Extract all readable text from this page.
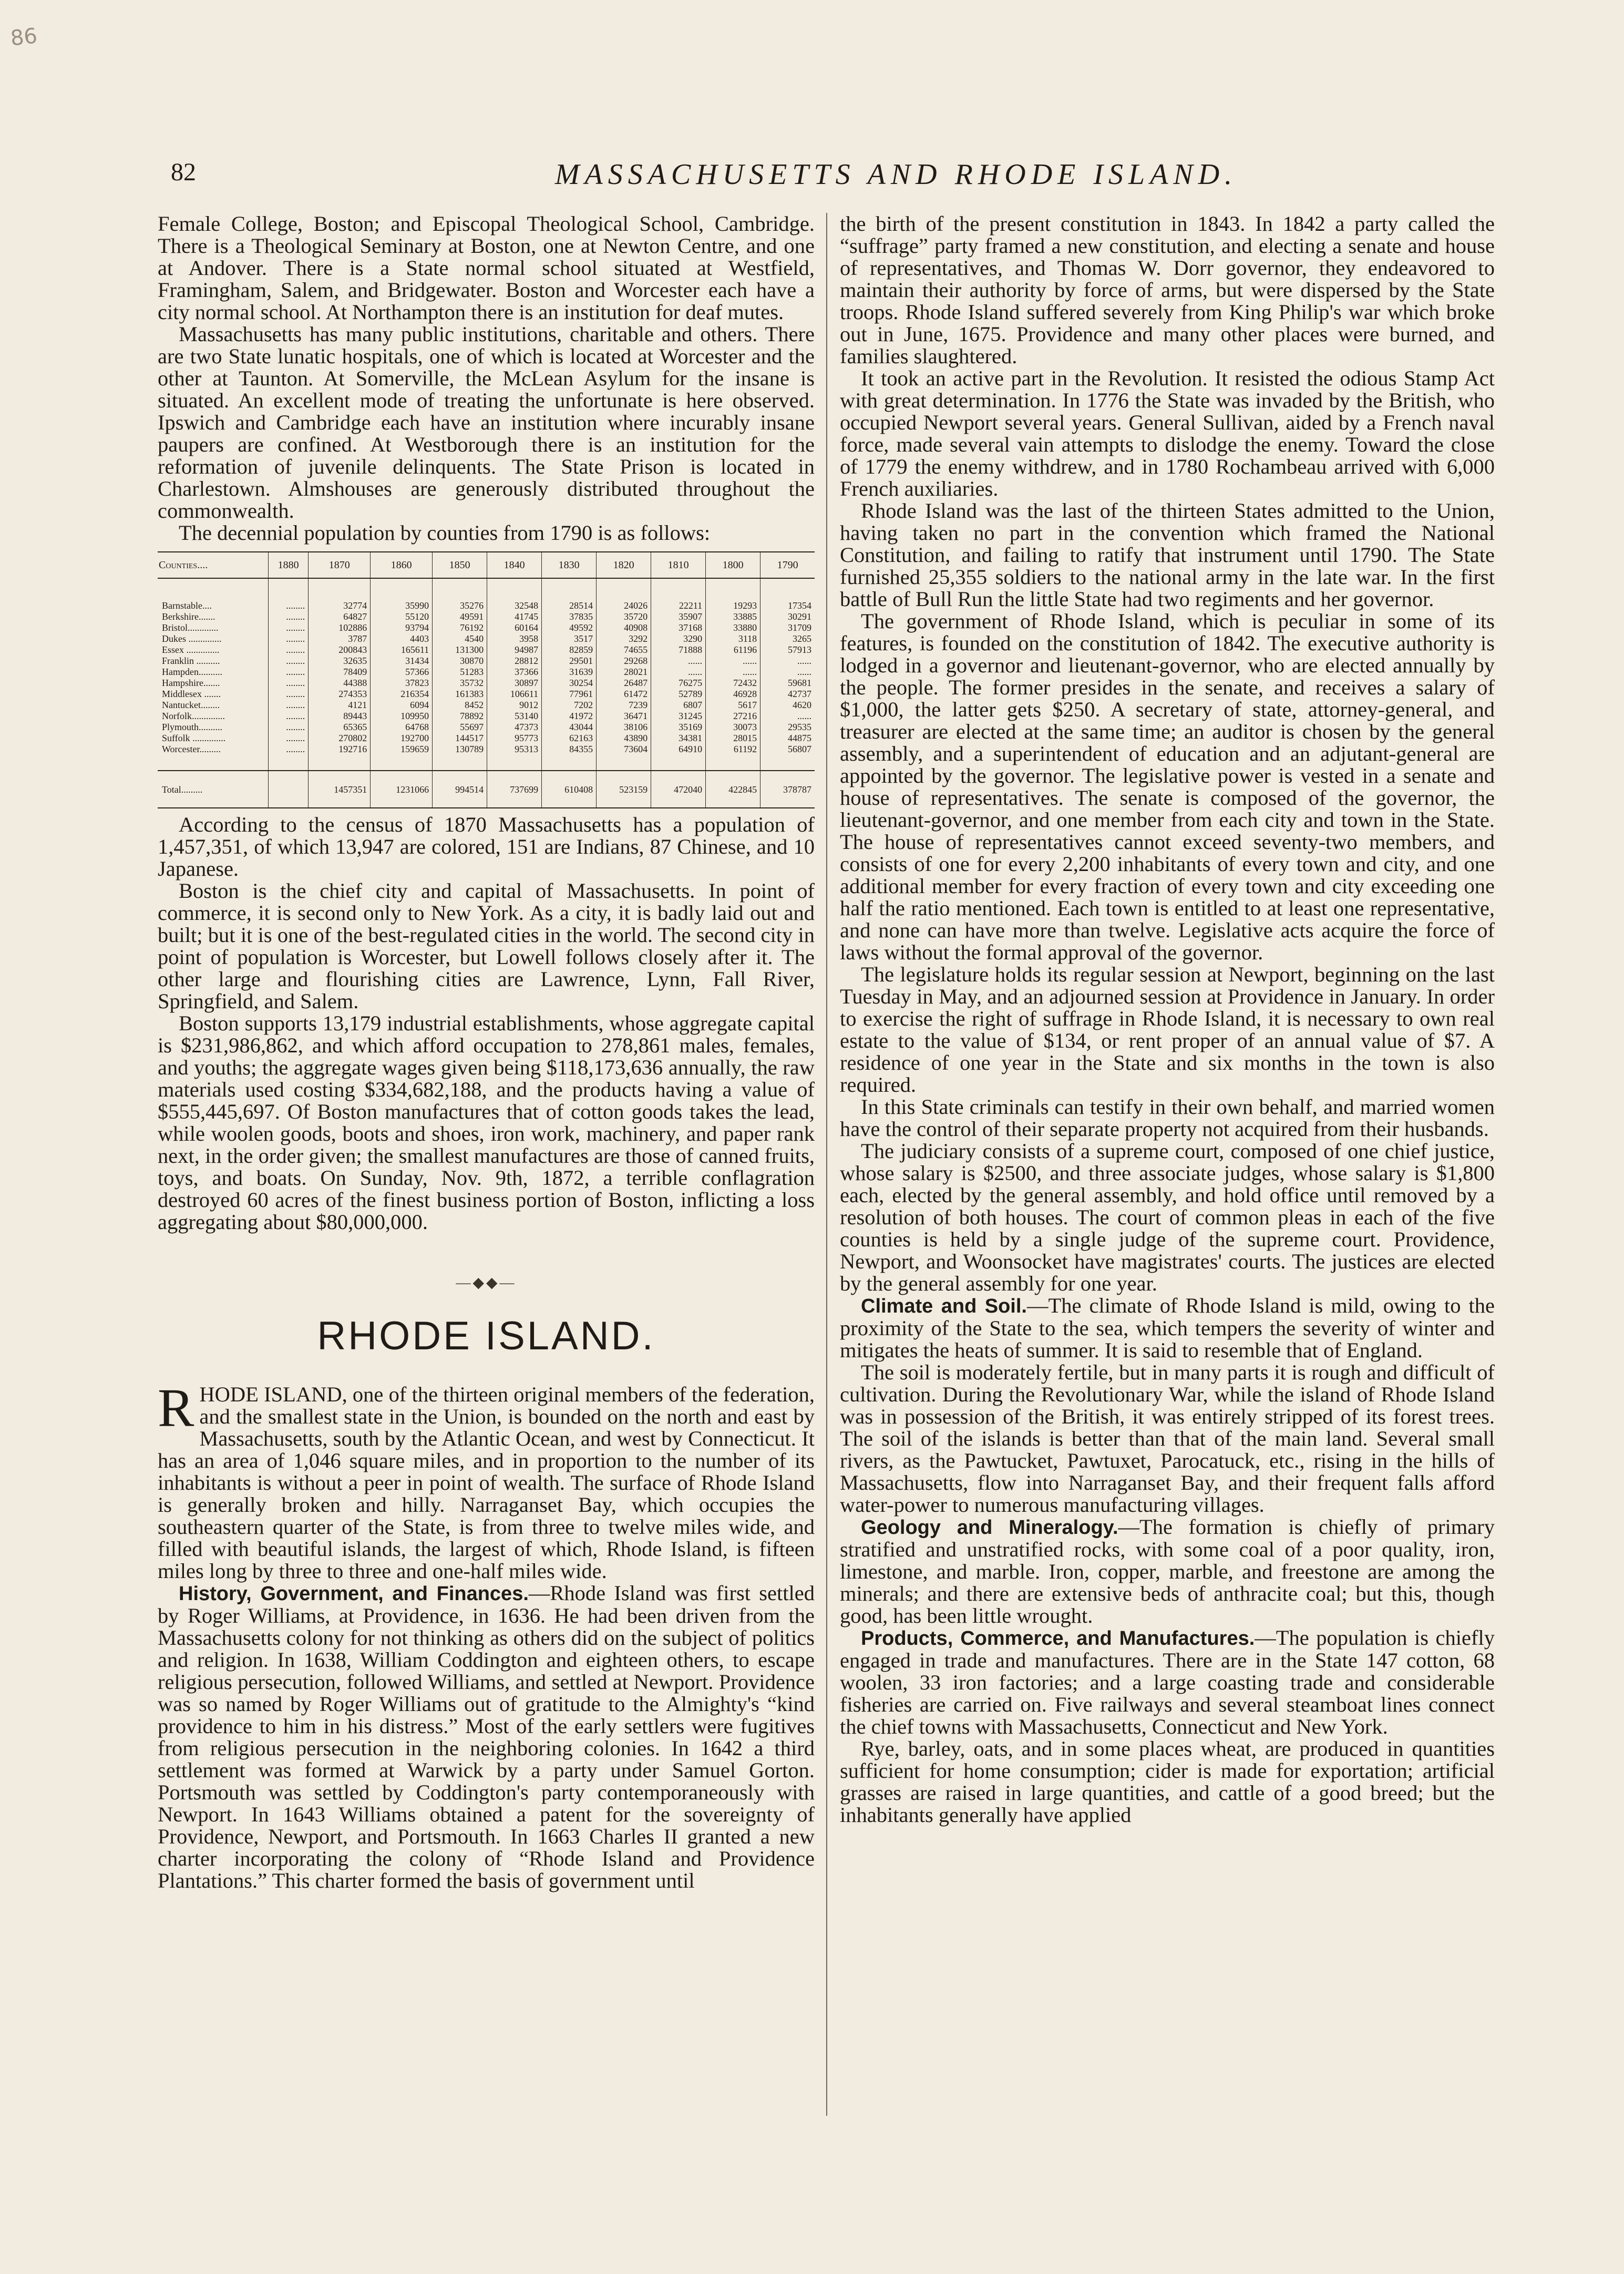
86
82	MASSACHUSETTS AND RHODE ISLAND.

Female College, Boston; and Episcopal Theological School, Cambridge. There is a Theological Seminary at Boston, one at Newton Centre, and one at Andover. There is a State normal school situated at Westfield, Framingham, Salem, and Bridgewater. Boston and Worcester each have a city normal school. At Northampton there is an institution for deaf mutes.

Massachusetts has many public institutions, charitable and others. There are two State lunatic hospitals, one of which is located at Worcester and the other at Taunton. At Somerville, the McLean Asylum for the insane is situated. An excellent mode of treating the unfortunate is here observed. Ipswich and Cambridge each have an institution where incurably insane paupers are confined. At Westborough there is an institution for the reformation of juvenile delinquents. The State Prison is located in Charlestown. Almshouses are generously distributed throughout the commonwealth.

The decennial population by counties from 1790 is as follows:

Counties....	1880	1870	1860	1850	1840	1830	1820	1810	1800	1790
Barnstable....	........	32774	35990	35276	32548	28514	24026	22211	19293	17354
Berkshire.......	........	64827	55120	49591	41745	37835	35720	35907	33885	30291
Bristol.............	........	102886	93794	76192	60164	49592	40908	37168	33880	31709
Dukes ..............	........	3787	4403	4540	3958	3517	3292	3290	3118	3265
Essex ..............	........	200843	165611	131300	94987	82859	74655	71888	61196	57913
Franklin ..........	........	32635	31434	30870	28812	29501	29268	......	......	......
Hampden..........	........	78409	57366	51283	37366	31639	28021	......	......	......
Hampshire.......	........	44388	37823	35732	30897	30254	26487	76275	72432	59681
Middlesex .......	........	274353	216354	161383	106611	77961	61472	52789	46928	42737
Nantucket........	........	4121	6094	8452	9012	7202	7239	6807	5617	4620
Norfolk..............	........	89443	109950	78892	53140	41972	36471	31245	27216	......
Plymouth..........	........	65365	64768	55697	47373	43044	38106	35169	30073	29535
Suffolk ..............	........	270802	192700	144517	95773	62163	43890	34381	28015	44875
Worcester.........	........	192716	159659	130789	95313	84355	73604	64910	61192	56807
Total.........		1457351	1231066	994514	737699	610408	523159	472040	422845	378787

According to the census of 1870 Massachusetts has a population of 1,457,351, of which 13,947 are colored, 151 are Indians, 87 Chinese, and 10 Japanese.

Boston is the chief city and capital of Massachusetts. In point of commerce, it is second only to New York. As a city, it is badly laid out and built; but it is one of the best-regulated cities in the world. The second city in point of population is Worcester, but Lowell follows closely after it. The other large and flourishing cities are Lawrence, Lynn, Fall River, Springfield, and Salem.

Boston supports 13,179 industrial establishments, whose aggregate capital is $231,986,862, and which afford occupation to 278,861 males, females, and youths; the aggregate wages given being $118,173,636 annually, the raw materials used costing $334,682,188, and the products having a value of $555,445,697. Of Boston manufactures that of cotton goods takes the lead, while woolen goods, boots and shoes, iron work, machinery, and paper rank next, in the order given; the smallest manufactures are those of canned fruits, toys, and boats. On Sunday, Nov. 9th, 1872, a terrible conflagration destroyed 60 acres of the finest business portion of Boston, inflicting a loss aggregating about $80,000,000.

—◆◆—
RHODE ISLAND.

RHODE ISLAND, one of the thirteen original members of the federation, and the smallest state in the Union, is bounded on the north and east by Massachusetts, south by the Atlantic Ocean, and west by Connecticut. It has an area of 1,046 square miles, and in proportion to the number of its inhabitants is without a peer in point of wealth. The surface of Rhode Island is generally broken and hilly. Narraganset Bay, which occupies the southeastern quarter of the State, is from three to twelve miles wide, and filled with beautiful islands, the largest of which, Rhode Island, is fifteen miles long by three to three and one-half miles wide.

History, Government, and Finances.—Rhode Island was first settled by Roger Williams, at Providence, in 1636. He had been driven from the Massachusetts colony for not thinking as others did on the subject of politics and religion. In 1638, William Coddington and eighteen others, to escape religious persecution, followed Williams, and settled at Newport. Providence was so named by Roger Williams out of gratitude to the Almighty's “kind providence to him in his distress.” Most of the early settlers were fugitives from religious persecution in the neighboring colonies. In 1642 a third settlement was formed at Warwick by a party under Samuel Gorton. Portsmouth was settled by Coddington's party contemporaneously with Newport. In 1643 Williams obtained a patent for the sovereignty of Providence, Newport, and Portsmouth. In 1663 Charles II granted a new charter incorporating the colony of “Rhode Island and Providence Plantations.” This charter formed the basis of government until

the birth of the present constitution in 1843. In 1842 a party called the “suffrage” party framed a new constitution, and electing a senate and house of representatives, and Thomas W. Dorr governor, they endeavored to maintain their authority by force of arms, but were dispersed by the State troops. Rhode Island suffered severely from King Philip's war which broke out in June, 1675. Providence and many other places were burned, and families slaughtered.

It took an active part in the Revolution. It resisted the odious Stamp Act with great determination. In 1776 the State was invaded by the British, who occupied Newport several years. General Sullivan, aided by a French naval force, made several vain attempts to dislodge the enemy. Toward the close of 1779 the enemy withdrew, and in 1780 Rochambeau arrived with 6,000 French auxiliaries.

Rhode Island was the last of the thirteen States admitted to the Union, having taken no part in the convention which framed the National Constitution, and failing to ratify that instrument until 1790. The State furnished 25,355 soldiers to the national army in the late war. In the first battle of Bull Run the little State had two regiments and her governor.

The government of Rhode Island, which is peculiar in some of its features, is founded on the constitution of 1842. The executive authority is lodged in a governor and lieutenant-governor, who are elected annually by the people. The former presides in the senate, and receives a salary of $1,000, the latter gets $250. A secretary of state, attorney-general, and treasurer are elected at the same time; an auditor is chosen by the general assembly, and a superintendent of education and an adjutant-general are appointed by the governor. The legislative power is vested in a senate and house of representatives. The senate is composed of the governor, the lieutenant-governor, and one member from each city and town in the State. The house of representatives cannot exceed seventy-two members, and consists of one for every 2,200 inhabitants of every town and city, and one additional member for every fraction of every town and city exceeding one half the ratio mentioned. Each town is entitled to at least one representative, and none can have more than twelve. Legislative acts acquire the force of laws without the formal approval of the governor.

The legislature holds its regular session at Newport, beginning on the last Tuesday in May, and an adjourned session at Providence in January. In order to exercise the right of suffrage in Rhode Island, it is necessary to own real estate to the value of $134, or rent proper of an annual value of $7. A residence of one year in the State and six months in the town is also required.

In this State criminals can testify in their own behalf, and married women have the control of their separate property not acquired from their husbands.

The judiciary consists of a supreme court, composed of one chief justice, whose salary is $2500, and three associate judges, whose salary is $1,800 each, elected by the general assembly, and hold office until removed by a resolution of both houses. The court of common pleas in each of the five counties is held by a single judge of the supreme court. Providence, Newport, and Woonsocket have magistrates' courts. The justices are elected by the general assembly for one year.

Climate and Soil.—The climate of Rhode Island is mild, owing to the proximity of the State to the sea, which tempers the severity of winter and mitigates the heats of summer. It is said to resemble that of England.

The soil is moderately fertile, but in many parts it is rough and difficult of cultivation. During the Revolutionary War, while the island of Rhode Island was in possession of the British, it was entirely stripped of its forest trees. The soil of the islands is better than that of the main land. Several small rivers, as the Pawtucket, Pawtuxet, Parocatuck, etc., rising in the hills of Massachusetts, flow into Narraganset Bay, and their frequent falls afford water-power to numerous manufacturing villages.

Geology and Mineralogy.—The formation is chiefly of primary stratified and unstratified rocks, with some coal of a poor quality, iron, limestone, and marble. Iron, copper, marble, and freestone are among the minerals; and there are extensive beds of anthracite coal; but this, though good, has been little wrought.

Products, Commerce, and Manufactures.—The population is chiefly engaged in trade and manufactures. There are in the State 147 cotton, 68 woolen, 33 iron factories; and a large coasting trade and considerable fisheries are carried on. Five railways and several steamboat lines connect the chief towns with Massachusetts, Connecticut and New York.

Rye, barley, oats, and in some places wheat, are produced in quantities sufficient for home consumption; cider is made for exportation; artificial grasses are raised in large quantities, and cattle of a good breed; but the inhabitants generally have applied
